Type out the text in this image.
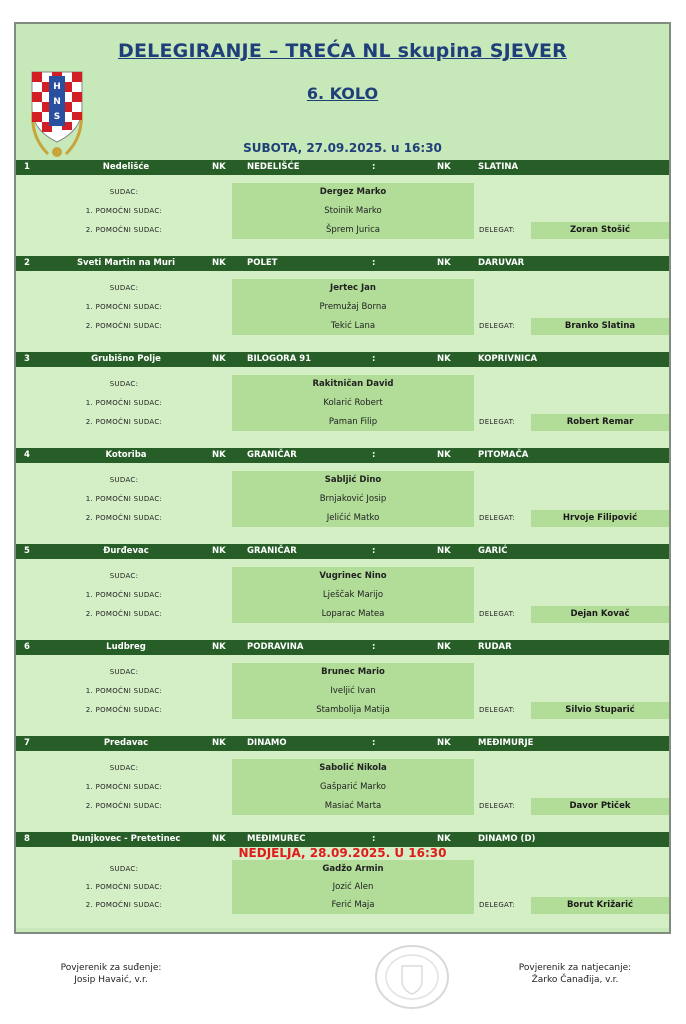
H
N
S
DELEGIRANJE – TREĆA NL skupina SJEVER
6. KOLO
SUBOTA, 27.09.2025. u 16:30
1	Nedelišće	NK	NEDELIŠĆE	:	NK	SLATINA
SUDAC:	Dergez Marko
1. POMOĆNI SUDAC:	Stoinik Marko
2. POMOĆNI SUDAC:	Šprem Jurica	DELEGAT:	Zoran Stošić
2	Sveti Martin na Muri	NK	POLET	:	NK	DARUVAR
SUDAC:	Jertec Jan
1. POMOĆNI SUDAC:	Premužaj Borna
2. POMOĆNI SUDAC:	Tekić Lana	DELEGAT:	Branko Slatina
3	Grubišno Polje	NK	BILOGORA 91	:	NK	KOPRIVNICA
SUDAC:	Rakitničan David
1. POMOĆNI SUDAC:	Kolarić Robert
2. POMOĆNI SUDAC:	Paman Filip	DELEGAT:	Robert Remar
4	Kotoriba	NK	GRANIČAR	:	NK	PITOMAČA
SUDAC:	Sabljić Dino
1. POMOĆNI SUDAC:	Brnjaković Josip
2. POMOĆNI SUDAC:	Jeličić Matko	DELEGAT:	Hrvoje Filipović
5	Đurđevac	NK	GRANIČAR	:	NK	GARIĆ
SUDAC:	Vugrinec Nino
1. POMOĆNI SUDAC:	Lješčak Marijo
2. POMOĆNI SUDAC:	Loparac Matea	DELEGAT:	Dejan Kovač
6	Ludbreg	NK	PODRAVINA	:	NK	RUDAR
SUDAC:	Brunec Mario
1. POMOĆNI SUDAC:	Iveljić Ivan
2. POMOĆNI SUDAC:	Stambolija Matija	DELEGAT:	Silvio Stuparić
7	Predavac	NK	DINAMO	:	NK	MEĐIMURJE
SUDAC:	Sabolić Nikola
1. POMOĆNI SUDAC:	Gašparić Marko
2. POMOĆNI SUDAC:	Masiać Marta	DELEGAT:	Davor Ptiček
8	Dunjkovec - Pretetinec	NK	MEĐIMUREC	:	NK	DINAMO (D)
NEDJELJA, 28.09.2025. U 16:30
SUDAC:	Gadžo Armin
1. POMOĆNI SUDAC:	Jozić Alen
2. POMOĆNI SUDAC:	Ferić Maja	DELEGAT:	Borut Križarić
Povjerenik za suđenje:
Josip Havaić, v.r.
Povjerenik za natjecanje:
Žarko Čanađija, v.r.
